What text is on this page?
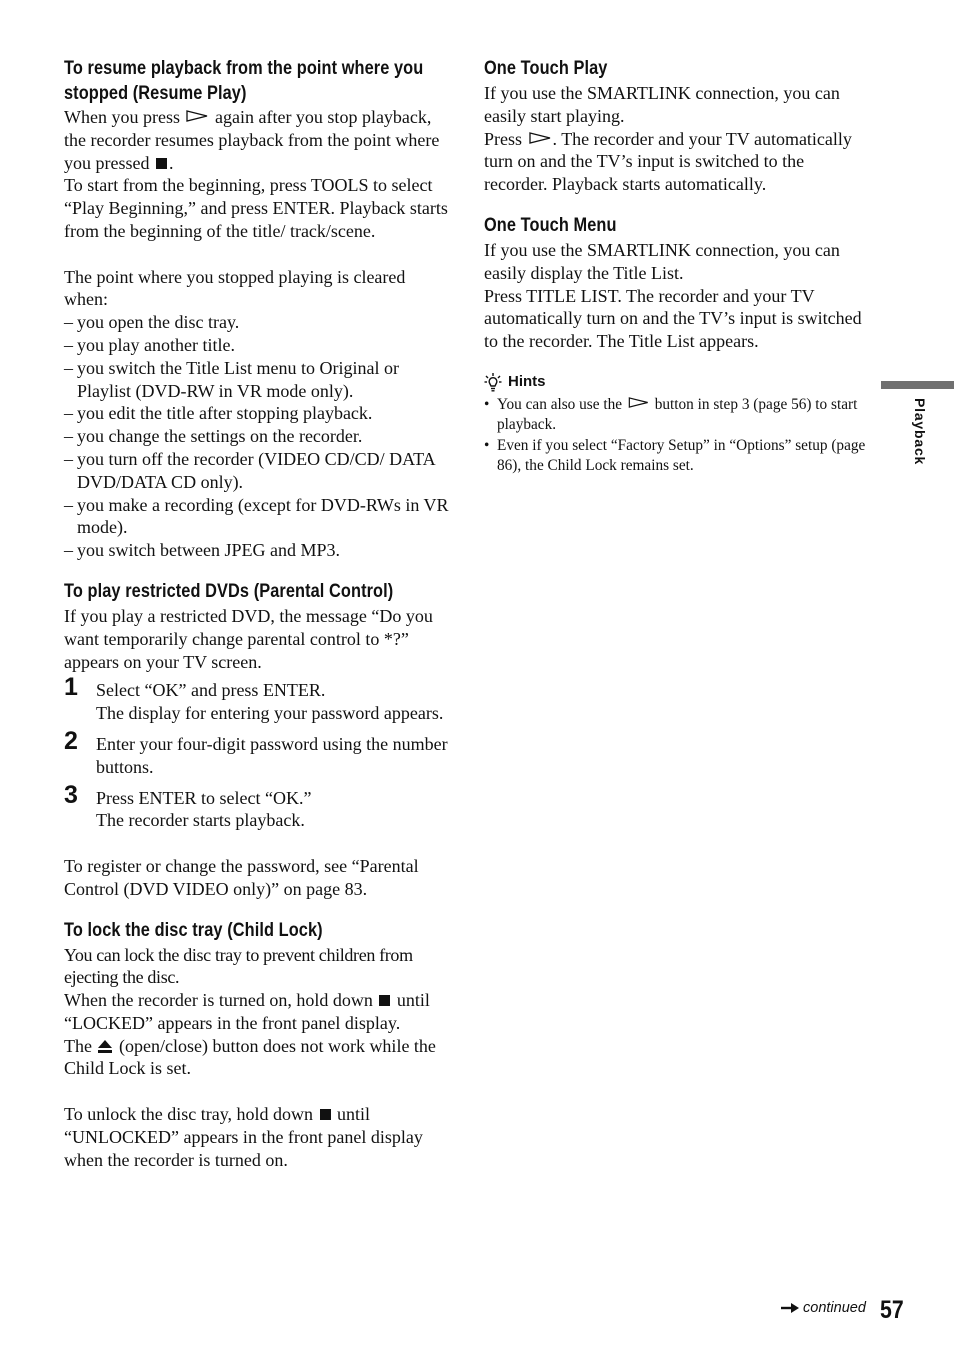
To resume playback from the point where you
stopped (Resume Play)

When you press again after you stop playback, the recorder resumes playback from the point where you pressed .

To start from the beginning, press TOOLS to select “Play Beginning,” and press ENTER. Playback starts from the beginning of the title/ track/scene.

The point where you stopped playing is cleared when:

– you open the disc tray.
– you play another title.
– you switch the Title List menu to Original or Playlist (DVD-RW in VR mode only).
– you edit the title after stopping playback.
– you change the settings on the recorder.
– you turn off the recorder (VIDEO CD/CD/ DATA DVD/DATA CD only).
– you make a recording (except for DVD-RWs in VR mode).
– you switch between JPEG and MP3.
To play restricted DVDs (Parental Control)

If you play a restricted DVD, the message “Do you want temporarily change parental control to *?” appears on your TV screen.

1 Select “OK” and press ENTER.

The display for entering your password appears.

2 Enter your four-digit password using the number buttons.

3 Press ENTER to select “OK.”

The recorder starts playback.

To register or change the password, see “Parental Control (DVD VIDEO only)” on page 83.

To lock the disc tray (Child Lock)

You can lock the disc tray to prevent children from ejecting the disc.

When the recorder is turned on, hold down until “LOCKED” appears in the front panel display.

The (open/close) button does not work while the Child Lock is set.

To unlock the disc tray, hold down until “UNLOCKED” appears in the front panel display when the recorder is turned on.

One Touch Play

If you use the SMARTLINK connection, you can easily start playing.

Press . The recorder and your TV automatically turn on and the TV’s input is switched to the recorder. Playback starts automatically.

One Touch Menu

If you use the SMARTLINK connection, you can easily display the Title List.

Press TITLE LIST. The recorder and your TV automatically turn on and the TV’s input is switched to the recorder. The Title List appears.

Hints
• You can also use the button in step 3 (page 56) to start playback.
• Even if you select “Factory Setup” in “Options” setup (page 86), the Child Lock remains set.
Playback
continued 57
